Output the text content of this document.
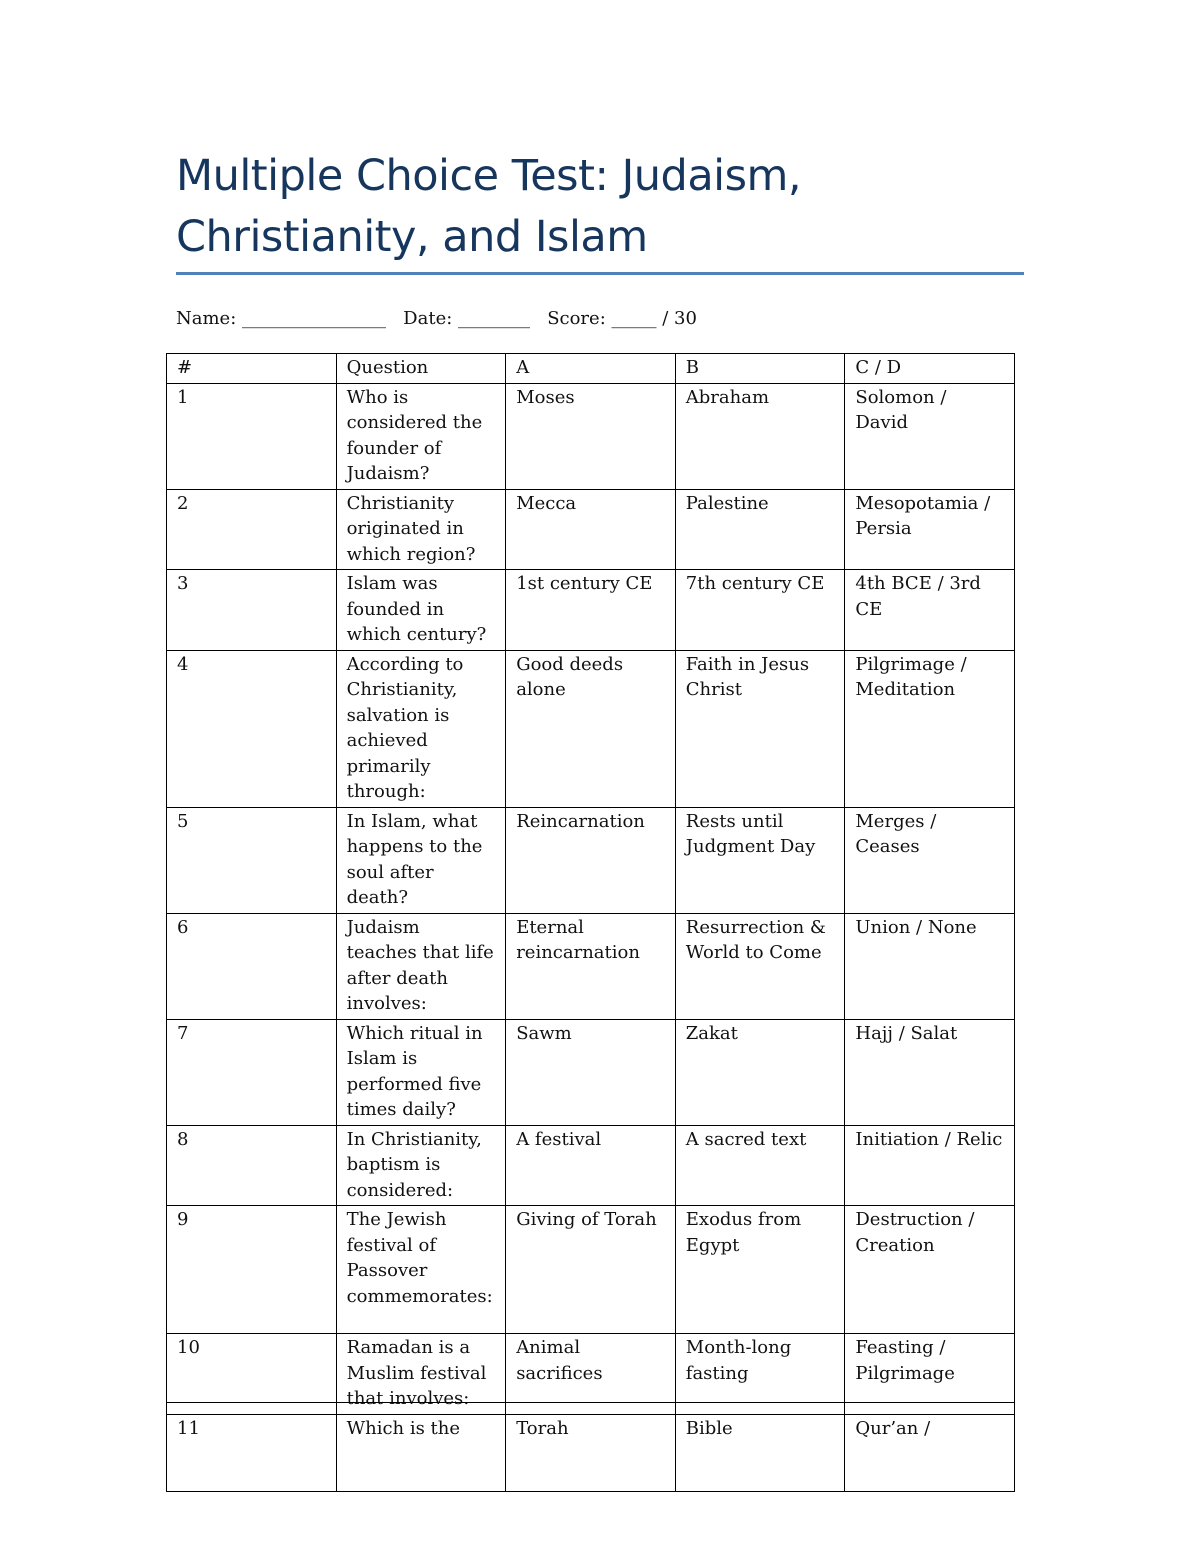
Multiple Choice Test: Judaism,
Christianity, and Islam
Name: ________________ Date: ________ Score: _____ / 30
#	Question	A	B	C / D
1	Who is considered the founder of Judaism?	Moses	Abraham	Solomon / David
2	Christianity originated in which region?	Mecca	Palestine	Mesopotamia / Persia
3	Islam was founded in which century?	1st century CE	7th century CE	4th BCE / 3rd CE
4	According to Christianity, salvation is achieved primarily through:	Good deeds alone	Faith in Jesus Christ	Pilgrimage / Meditation
5	In Islam, what happens to the soul after death?	Reincarnation	Rests until Judgment Day	Merges / Ceases
6	Judaism teaches that life after death involves:	Eternal reincarnation	Resurrection & World to Come	Union / None
7	Which ritual in Islam is performed five times daily?	Sawm	Zakat	Hajj / Salat
8	In Christianity, baptism is considered:	A festival	A sacred text	Initiation / Relic
9	The Jewish festival of Passover commemorates:	Giving of Torah	Exodus from Egypt	Destruction / Creation
10	Ramadan is a Muslim festival that involves:	Animal sacrifices	Month-long fasting	Feasting / Pilgrimage
11	Which is the	Torah	Bible	Qur’an /
